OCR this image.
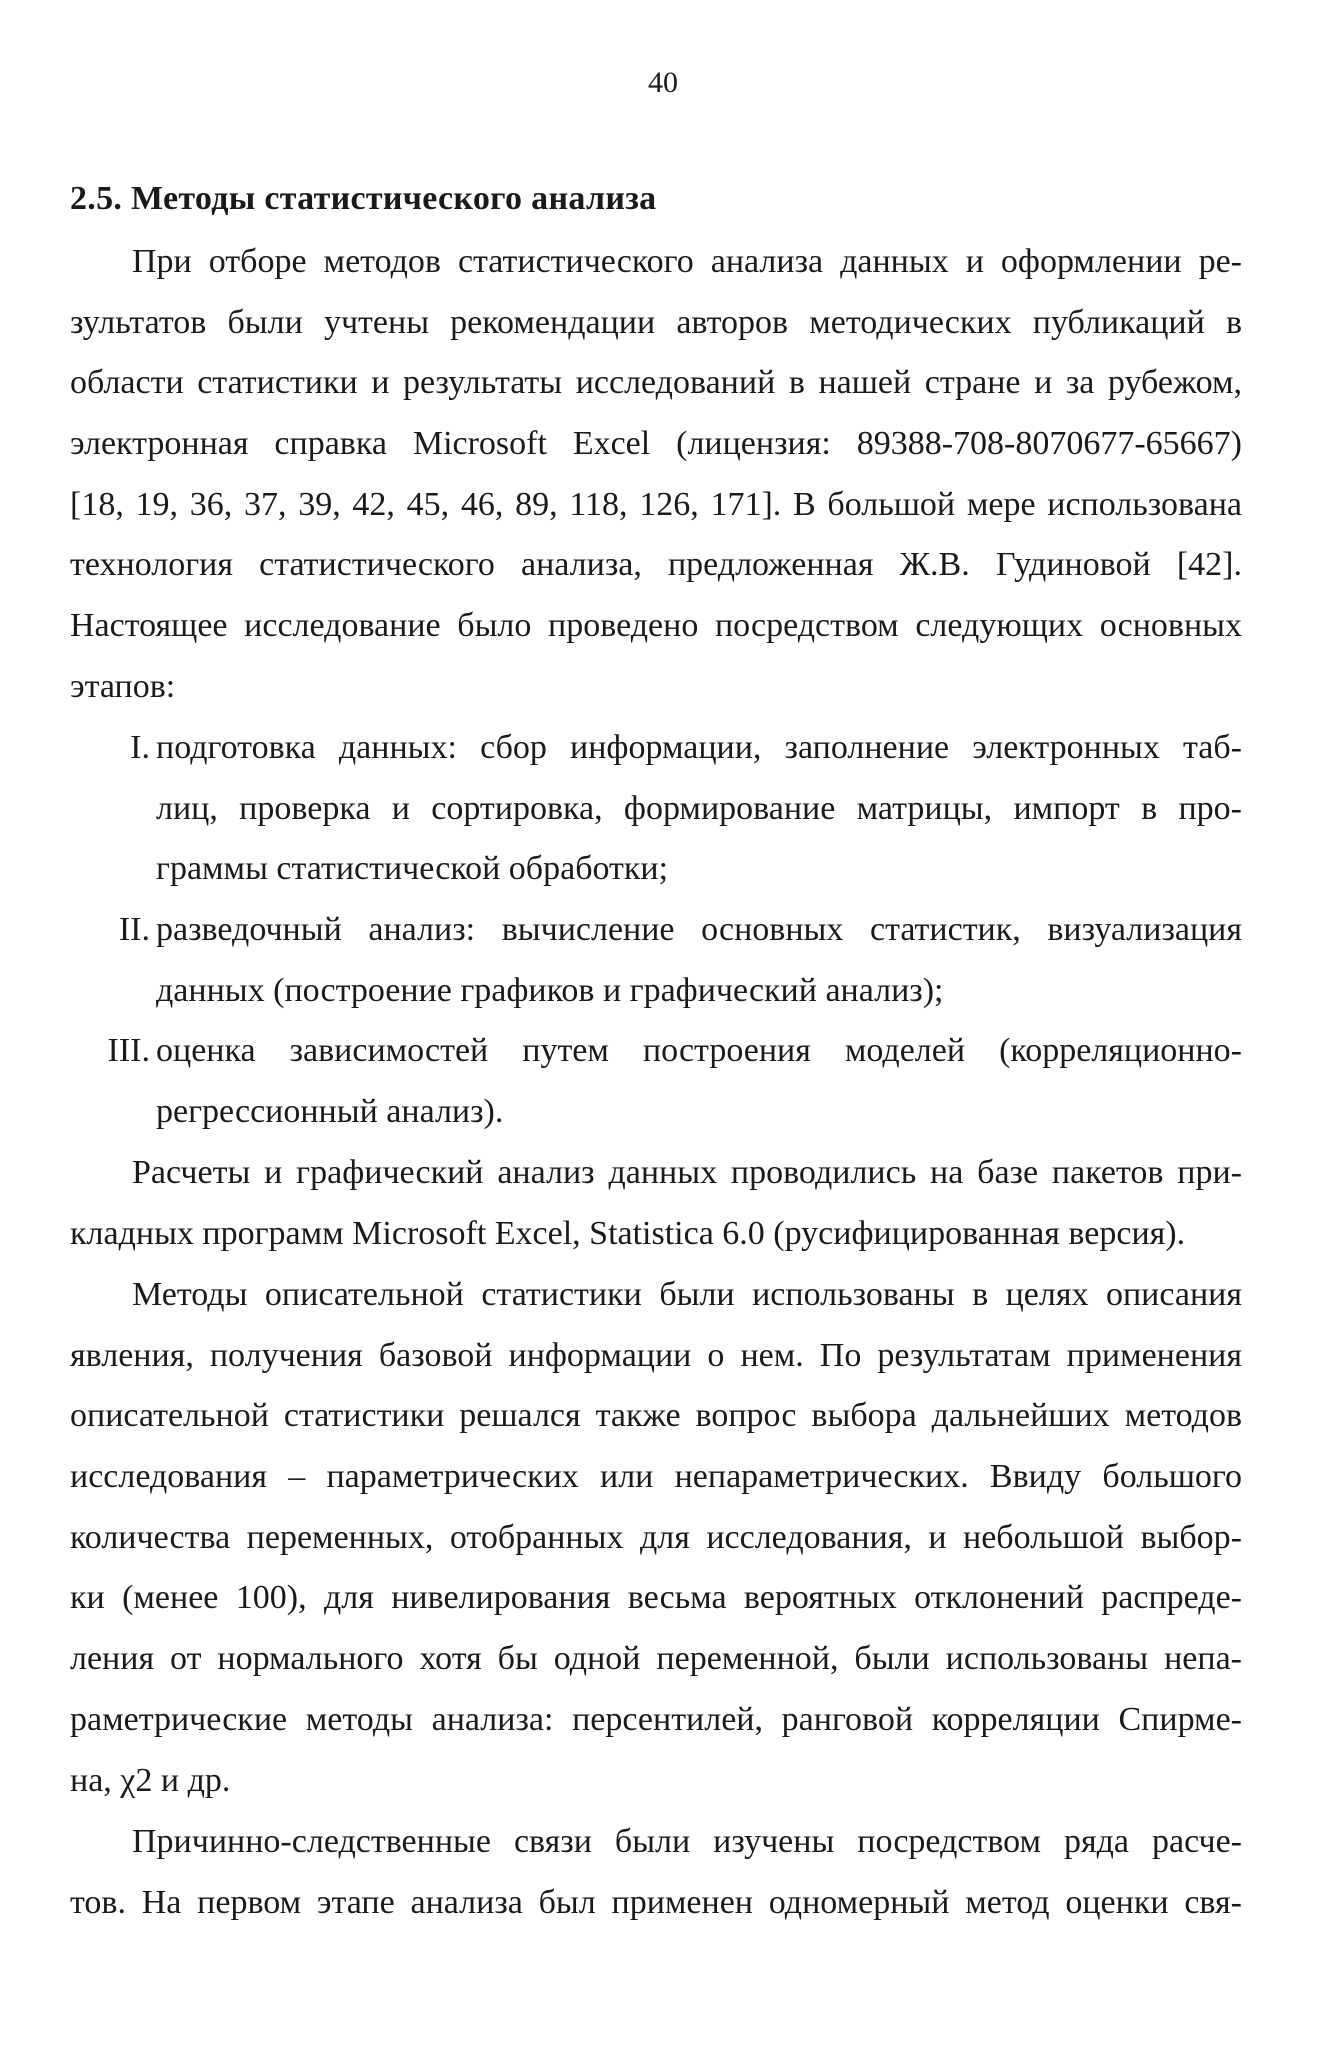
40
2.5. Методы статистического анализа
При отборе методов статистического анализа данных и оформлении ре-
зультатов были учтены рекомендации авторов методических публикаций в
области статистики и результаты исследований в нашей стране и за рубежом,
электронная справка Microsoft Excel (лицензия: 89388-708-8070677-65667)
[18, 19, 36, 37, 39, 42, 45, 46, 89, 118, 126, 171]. В большой мере использована
технология статистического анализа, предложенная Ж.В. Гудиновой [42].
Настоящее исследование было проведено посредством следующих основных
этапов:
I. подготовка данных: сбор информации, заполнение электронных таб-
лиц, проверка и сортировка, формирование матрицы, импорт в про-
граммы статистической обработки;
II. разведочный анализ: вычисление основных статистик, визуализация
данных (построение графиков и графический анализ);
III. оценка зависимостей путем построения моделей (корреляционно-
регрессионный анализ).
Расчеты и графический анализ данных проводились на базе пакетов при-
кладных программ Microsoft Excel, Statistica 6.0 (русифицированная версия).
Методы описательной статистики были использованы в целях описания
явления, получения базовой информации о нем. По результатам применения
описательной статистики решался также вопрос выбора дальнейших методов
исследования – параметрических или непараметрических. Ввиду большого
количества переменных, отобранных для исследования, и небольшой выбор-
ки (менее 100), для нивелирования весьма вероятных отклонений распреде-
ления от нормального хотя бы одной переменной, были использованы непа-
раметрические методы анализа: персентилей, ранговой корреляции Спирме-
на, χ2 и др.
Причинно-следственные связи были изучены посредством ряда расче-
тов. На первом этапе анализа был применен одномерный метод оценки свя-
